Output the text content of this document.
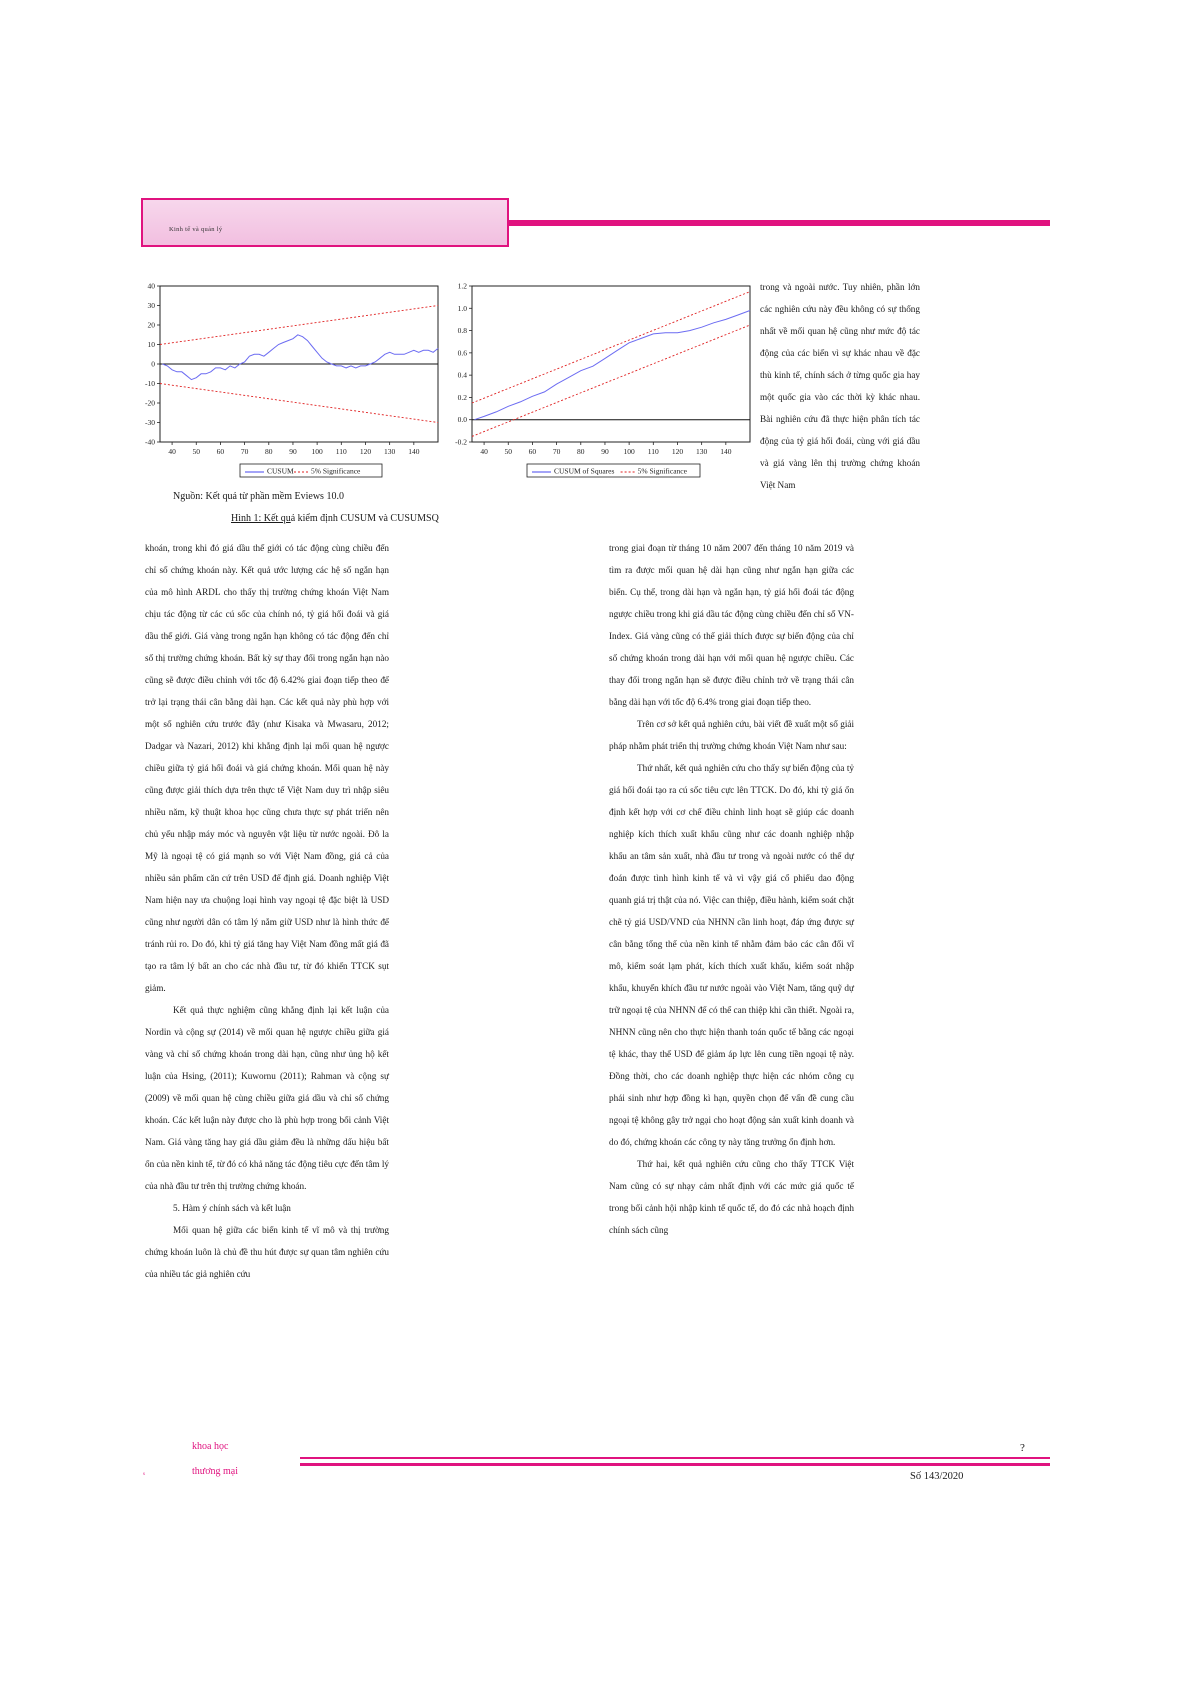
Kinh tế và quản lý
40
30
20
10
0
-10
-20
-30
-40
40 50 60 70 80 90 100 110 120 130 140
CUSUM 5% Significance
1.2
1.0
0.8
0.6
0.4
0.2
0.0
-0.2
40 50 60 70 80 90 100 110 120 130 140
CUSUM of Squares	5% Significance
Nguồn: Kết quả từ phần mềm Eviews 10.0
Hình 1: Kết quả kiểm định CUSUM và CUSUMSQ

trong và ngoài nước. Tuy nhiên, phần lớn các nghiên cứu này đều không có sự thống nhất về mối quan hệ cũng như mức độ tác động của các biến vì sự khác nhau về đặc thù kinh tế, chính sách ở từng quốc gia hay một quốc gia vào các thời kỳ khác nhau. Bài nghiên cứu đã thực hiện phân tích tác động của tỷ giá hối đoái, cùng với giá dầu và giá vàng lên thị trường chứng khoán Việt Nam

khoán, trong khi đó giá dầu thế giới có tác động cùng chiều đến chỉ số chứng khoán này. Kết quả ước lượng các hệ số ngắn hạn của mô hình ARDL cho thấy thị trường chứng khoán Việt Nam chịu tác động từ các cú sốc của chính nó, tỷ giá hối đoái và giá dầu thế giới. Giá vàng trong ngắn hạn không có tác động đến chỉ số thị trường chứng khoán. Bất kỳ sự thay đổi trong ngắn hạn nào cũng sẽ được điều chỉnh với tốc độ 6.42% giai đoạn tiếp theo để trở lại trạng thái cân bằng dài hạn. Các kết quả này phù hợp với một số nghiên cứu trước đây (như Kisaka và Mwasaru, 2012; Dadgar và Nazari, 2012) khi khẳng định lại mối quan hệ ngược chiều giữa tỷ giá hối đoái và giá chứng khoán. Mối quan hệ này cũng được giải thích dựa trên thực tế Việt Nam duy trì nhập siêu nhiều năm, kỹ thuật khoa học cũng chưa thực sự phát triển nên chủ yếu nhập máy móc và nguyên vật liệu từ nước ngoài. Đô la Mỹ là ngoại tệ có giá mạnh so với Việt Nam đồng, giá cả của nhiều sản phẩm căn cứ trên USD để định giá. Doanh nghiệp Việt Nam hiện nay ưa chuộng loại hình vay ngoại tệ đặc biệt là USD cũng như người dân có tâm lý nắm giữ USD như là hình thức để tránh rủi ro. Do đó, khi tỷ giá tăng hay Việt Nam đồng mất giá đã tạo ra tâm lý bất an cho các nhà đầu tư, từ đó khiến TTCK sụt giảm.

Kết quả thực nghiệm cũng khẳng định lại kết luận của Nordin và cộng sự (2014) về mối quan hệ ngược chiều giữa giá vàng và chỉ số chứng khoán trong dài hạn, cũng như ủng hộ kết luận của Hsing, (2011); Kuwornu (2011); Rahman và cộng sự (2009) về mối quan hệ cùng chiều giữa giá dầu và chỉ số chứng khoán. Các kết luận này được cho là phù hợp trong bối cảnh Việt Nam. Giá vàng tăng hay giá dầu giảm đều là những dấu hiệu bất ổn của nền kinh tế, từ đó có khả năng tác động tiêu cực đến tâm lý của nhà đầu tư trên thị trường chứng khoán.

5. Hàm ý chính sách và kết luận

Mối quan hệ giữa các biến kinh tế vĩ mô và thị trường chứng khoán luôn là chủ đề thu hút được sự quan tâm nghiên cứu của nhiều tác giả nghiên cứu

trong giai đoạn từ tháng 10 năm 2007 đến tháng 10 năm 2019 và tìm ra được mối quan hệ dài hạn cũng như ngắn hạn giữa các biến. Cụ thể, trong dài hạn và ngắn hạn, tỷ giá hối đoái tác động ngược chiều trong khi giá dầu tác động cùng chiều đến chỉ số VN-Index. Giá vàng cũng có thể giải thích được sự biến động của chỉ số chứng khoán trong dài hạn với mối quan hệ ngược chiều. Các thay đổi trong ngắn hạn sẽ được điều chỉnh trở về trạng thái cân bằng dài hạn với tốc độ 6.4% trong giai đoạn tiếp theo.

Trên cơ sở kết quả nghiên cứu, bài viết đề xuất một số giải pháp nhằm phát triển thị trường chứng khoán Việt Nam như sau:

Thứ nhất, kết quả nghiên cứu cho thấy sự biến động của tỷ giá hối đoái tạo ra cú sốc tiêu cực lên TTCK. Do đó, khi tỷ giá ổn định kết hợp với cơ chế điều chỉnh linh hoạt sẽ giúp các doanh nghiệp kích thích xuất khẩu cũng như các doanh nghiệp nhập khẩu an tâm sản xuất, nhà đầu tư trong và ngoài nước có thể dự đoán được tình hình kinh tế và vì vậy giá cổ phiếu dao động quanh giá trị thật của nó. Việc can thiệp, điều hành, kiểm soát chặt chẽ tỷ giá USD/VND của NHNN cần linh hoạt, đáp ứng được sự cân bằng tổng thể của nền kinh tế nhằm đảm bảo các cân đối vĩ mô, kiểm soát lạm phát, kích thích xuất khẩu, kiểm soát nhập khẩu, khuyến khích đầu tư nước ngoài vào Việt Nam, tăng quỹ dự trữ ngoại tệ của NHNN để có thể can thiệp khi cần thiết. Ngoài ra, NHNN cũng nên cho thực hiện thanh toán quốc tế bằng các ngoại tệ khác, thay thế USD để giảm áp lực lên cung tiền ngoại tệ này. Đồng thời, cho các doanh nghiệp thực hiện các nhóm công cụ phái sinh như hợp đồng kì hạn, quyền chọn để vấn đề cung cầu ngoại tệ không gây trở ngại cho hoạt động sản xuất kinh doanh và do đó, chứng khoán các công ty này tăng trưởng ổn định hơn.

Thứ hai, kết quả nghiên cứu cũng cho thấy TTCK Việt Nam cũng có sự nhạy cảm nhất định với các mức giá quốc tế trong bối cảnh hội nhập kinh tế quốc tế, do đó các nhà hoạch định chính sách cũng

khoa học
thương mại
s
?
Số 143/2020
